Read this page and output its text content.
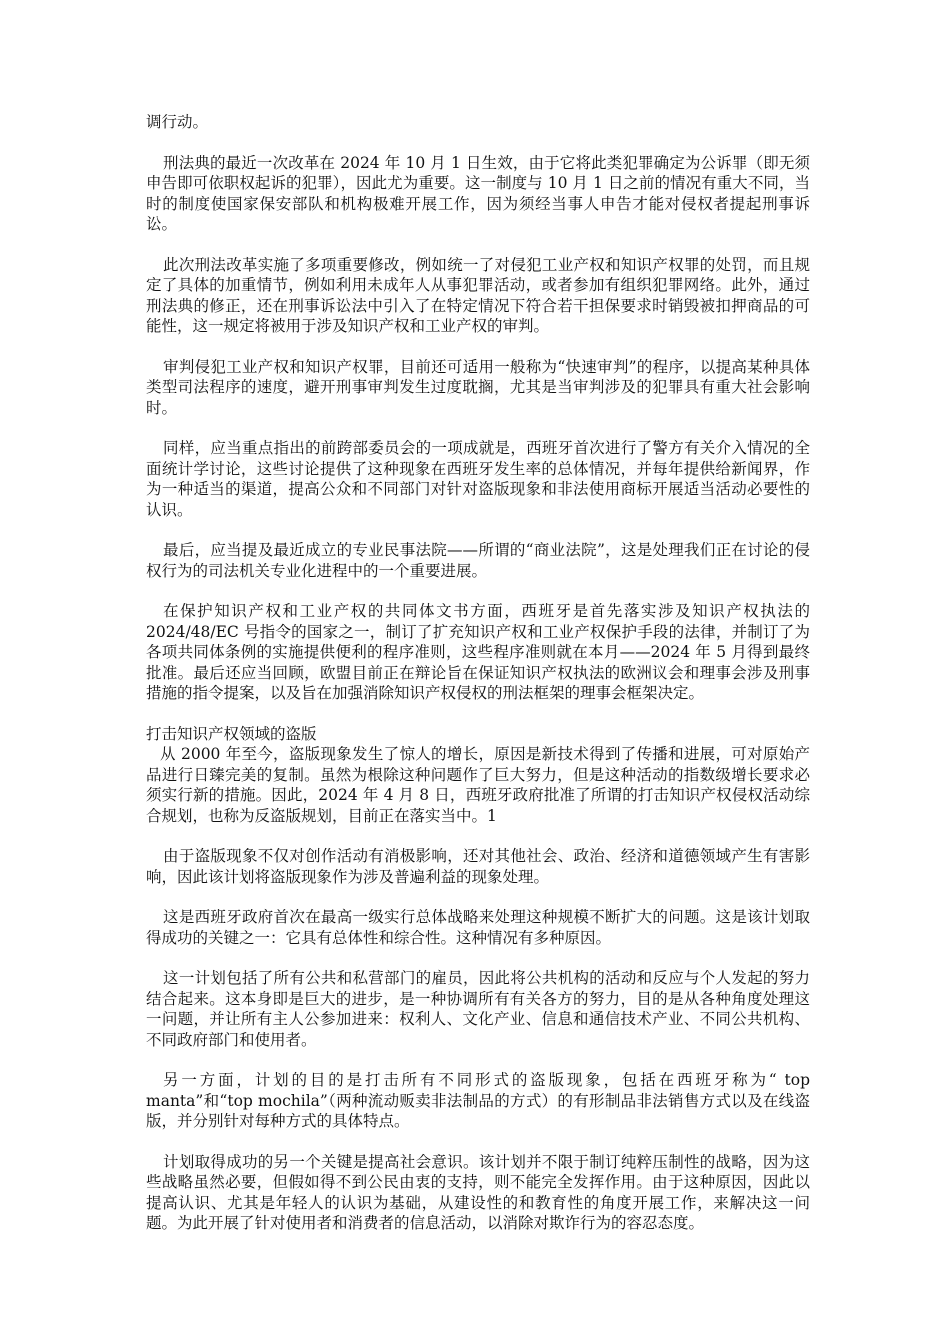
调行动。

刑法典的最近一次改革在 2024 年 10 月 1 日生效，由于它将此类犯罪确定为公诉罪（即无须申告即可依职权起诉的犯罪），因此尤为重要。这一制度与 10 月 1 日之前的情况有重大不同，当时的制度使国家保安部队和机构极难开展工作，因为须经当事人申告才能对侵权者提起刑事诉讼。

此次刑法改革实施了多项重要修改，例如统一了对侵犯工业产权和知识产权罪的处罚，而且规定了具体的加重情节，例如利用未成年人从事犯罪活动，或者参加有组织犯罪网络。此外，通过刑法典的修正，还在刑事诉讼法中引入了在特定情况下符合若干担保要求时销毁被扣押商品的可能性，这一规定将被用于涉及知识产权和工业产权的审判。

审判侵犯工业产权和知识产权罪，目前还可适用一般称为“快速审判”的程序，以提高某种具体类型司法程序的速度，避开刑事审判发生过度耽搁，尤其是当审判涉及的犯罪具有重大社会影响时。

同样，应当重点指出的前跨部委员会的一项成就是，西班牙首次进行了警方有关介入情况的全面统计学讨论，这些讨论提供了这种现象在西班牙发生率的总体情况，并每年提供给新闻界，作为一种适当的渠道，提高公众和不同部门对针对盗版现象和非法使用商标开展适当活动必要性的认识。

最后，应当提及最近成立的专业民事法院——所谓的“商业法院”，这是处理我们正在讨论的侵权行为的司法机关专业化进程中的一个重要进展。

在保护知识产权和工业产权的共同体文书方面，西班牙是首先落实涉及知识产权执法的 2024/48/EC 号指令的国家之一，制订了扩充知识产权和工业产权保护手段的法律，并制订了为各项共同体条例的实施提供便利的程序准则，这些程序准则就在本月——2024 年 5 月得到最终批准。最后还应当回顾，欧盟目前正在辩论旨在保证知识产权执法的欧洲议会和理事会涉及刑事措施的指令提案，以及旨在加强消除知识产权侵权的刑法框架的理事会框架决定。

打击知识产权领域的盗版

从 2000 年至今，盗版现象发生了惊人的增长，原因是新技术得到了传播和进展，可对原始产品进行日臻完美的复制。虽然为根除这种问题作了巨大努力，但是这种活动的指数级增长要求必须实行新的措施。因此，2024 年 4 月 8 日，西班牙政府批准了所谓的打击知识产权侵权活动综合规划，也称为反盗版规划，目前正在落实当中。1

由于盗版现象不仅对创作活动有消极影响，还对其他社会、政治、经济和道德领域产生有害影响，因此该计划将盗版现象作为涉及普遍利益的现象处理。

这是西班牙政府首次在最高一级实行总体战略来处理这种规模不断扩大的问题。这是该计划取得成功的关键之一：它具有总体性和综合性。这种情况有多种原因。

这一计划包括了所有公共和私营部门的雇员，因此将公共机构的活动和反应与个人发起的努力结合起来。这本身即是巨大的进步，是一种协调所有有关各方的努力，目的是从各种角度处理这一问题，并让所有主人公参加进来：权利人、文化产业、信息和通信技术产业、不同公共机构、不同政府部门和使用者。

另一方面，计划的目的是打击所有不同形式的盗版现象，包括在西班牙称为“ top manta”和“top mochila”（两种流动贩卖非法制品的方式）的有形制品非法销售方式以及在线盗版，并分别针对每种方式的具体特点。

计划取得成功的另一个关键是提高社会意识。该计划并不限于制订纯粹压制性的战略，因为这些战略虽然必要，但假如得不到公民由衷的支持，则不能完全发挥作用。由于这种原因，因此以提高认识、尤其是年轻人的认识为基础，从建设性的和教育性的角度开展工作，来解决这一问题。为此开展了针对使用者和消费者的信息活动，以消除对欺诈行为的容忍态度。
